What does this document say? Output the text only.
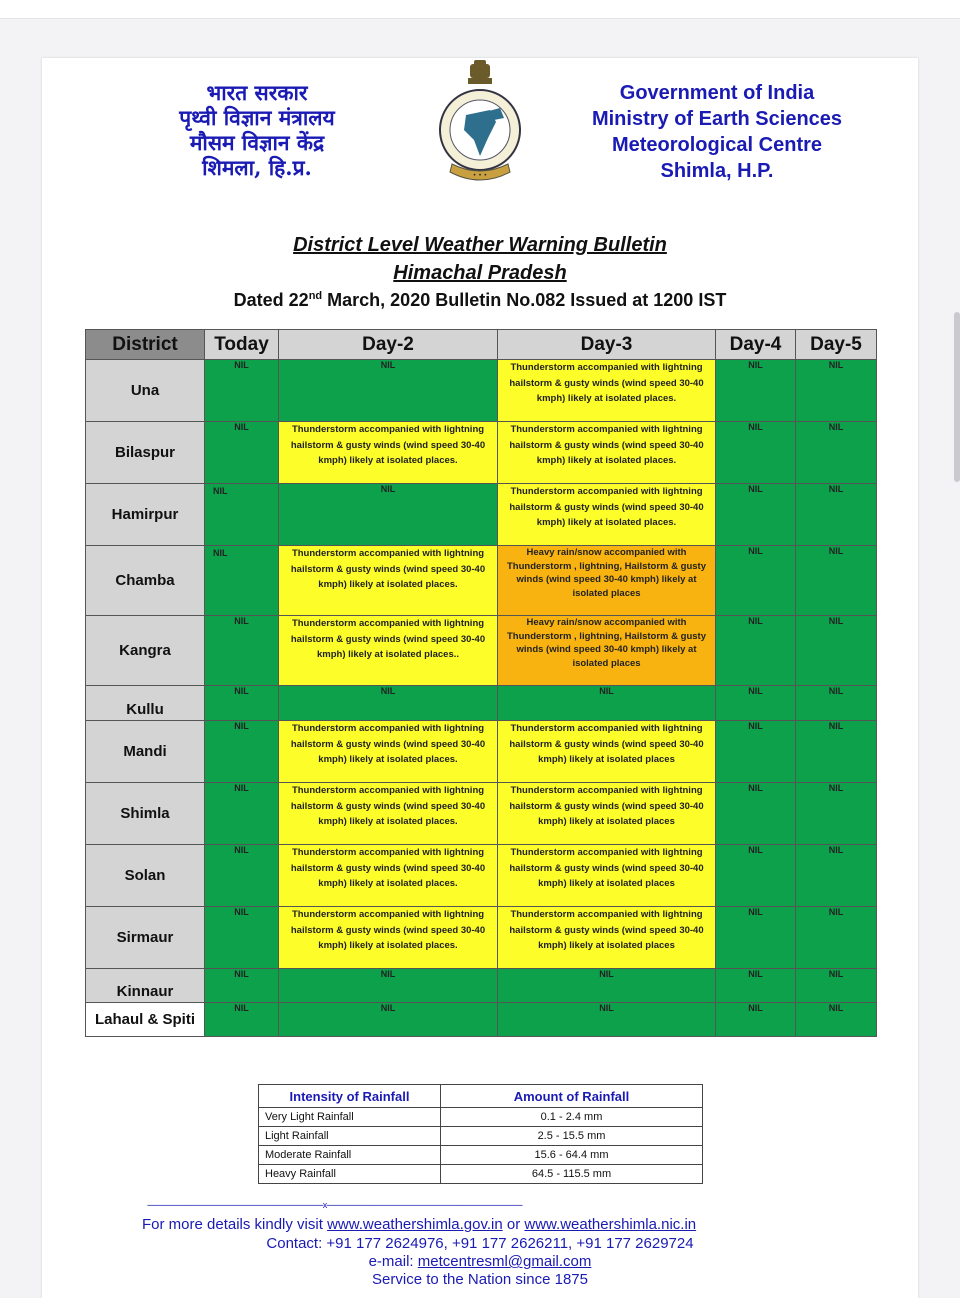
भारत सरकार
पृथ्वी विज्ञान मंत्रालय
मौसम विज्ञान केंद्र
शिमला, हि.प्र.	• • •
Government of India
Ministry of Earth Sciences
Meteorological Centre
Shimla, H.P.
District Level Weather Warning Bulletin
Himachal Pradesh
Dated 22nd March, 2020 Bulletin No.082 Issued at 1200 IST
District	Today	Day-2	Day-3	Day-4	Day-5
Una	NIL	NIL	Thunderstorm accompanied with lightning hailstorm & gusty winds (wind speed 30-40 kmph) likely at isolated places.	NIL	NIL
Bilaspur	NIL	Thunderstorm accompanied with lightning hailstorm & gusty winds (wind speed 30-40 kmph) likely at isolated places.	Thunderstorm accompanied with lightning hailstorm & gusty winds (wind speed 30-40 kmph) likely at isolated places.	NIL	NIL
Hamirpur	NIL	NIL	Thunderstorm accompanied with lightning hailstorm & gusty winds (wind speed 30-40 kmph) likely at isolated places.	NIL	NIL
Chamba	NIL	Thunderstorm accompanied with lightning hailstorm & gusty winds (wind speed 30-40 kmph) likely at isolated places.	Heavy rain/snow accompanied with Thunderstorm , lightning, Hailstorm & gusty winds (wind speed 30-40 kmph) likely at isolated places	NIL	NIL
Kangra	NIL	Thunderstorm accompanied with lightning hailstorm & gusty winds (wind speed 30-40 kmph) likely at isolated places..	Heavy rain/snow accompanied with Thunderstorm , lightning, Hailstorm & gusty winds (wind speed 30-40 kmph) likely at isolated places	NIL	NIL
Kullu	NIL	NIL	NIL	NIL	NIL
Mandi	NIL	Thunderstorm accompanied with lightning hailstorm & gusty winds (wind speed 30-40 kmph) likely at isolated places.	Thunderstorm accompanied with lightning hailstorm & gusty winds (wind speed 30-40 kmph) likely at isolated places	NIL	NIL
Shimla	NIL	Thunderstorm accompanied with lightning hailstorm & gusty winds (wind speed 30-40 kmph) likely at isolated places.	Thunderstorm accompanied with lightning hailstorm & gusty winds (wind speed 30-40 kmph) likely at isolated places	NIL	NIL
Solan	NIL	Thunderstorm accompanied with lightning hailstorm & gusty winds (wind speed 30-40 kmph) likely at isolated places.	Thunderstorm accompanied with lightning hailstorm & gusty winds (wind speed 30-40 kmph) likely at isolated places	NIL	NIL
Sirmaur	NIL	Thunderstorm accompanied with lightning hailstorm & gusty winds (wind speed 30-40 kmph) likely at isolated places.	Thunderstorm accompanied with lightning hailstorm & gusty winds (wind speed 30-40 kmph) likely at isolated places	NIL	NIL
Kinnaur	NIL	NIL	NIL	NIL	NIL
Lahaul & Spiti	NIL	NIL	NIL	NIL	NIL
Intensity of Rainfall	Amount of Rainfall
Very Light Rainfall	0.1 - 2.4 mm
Light Rainfall	2.5 - 15.5 mm
Moderate Rainfall	15.6 - 64.4 mm
Heavy Rainfall	64.5 - 115.5 mm
----------------------------------------------------------------------------------------x--------------------------------------------------------------------------------------------------
For more details kindly visit www.weathershimla.gov.in or www.weathershimla.nic.in
Contact: +91 177 2624976, +91 177 2626211, +91 177 2629724
e-mail: metcentresml@gmail.com
Service to the Nation since 1875
